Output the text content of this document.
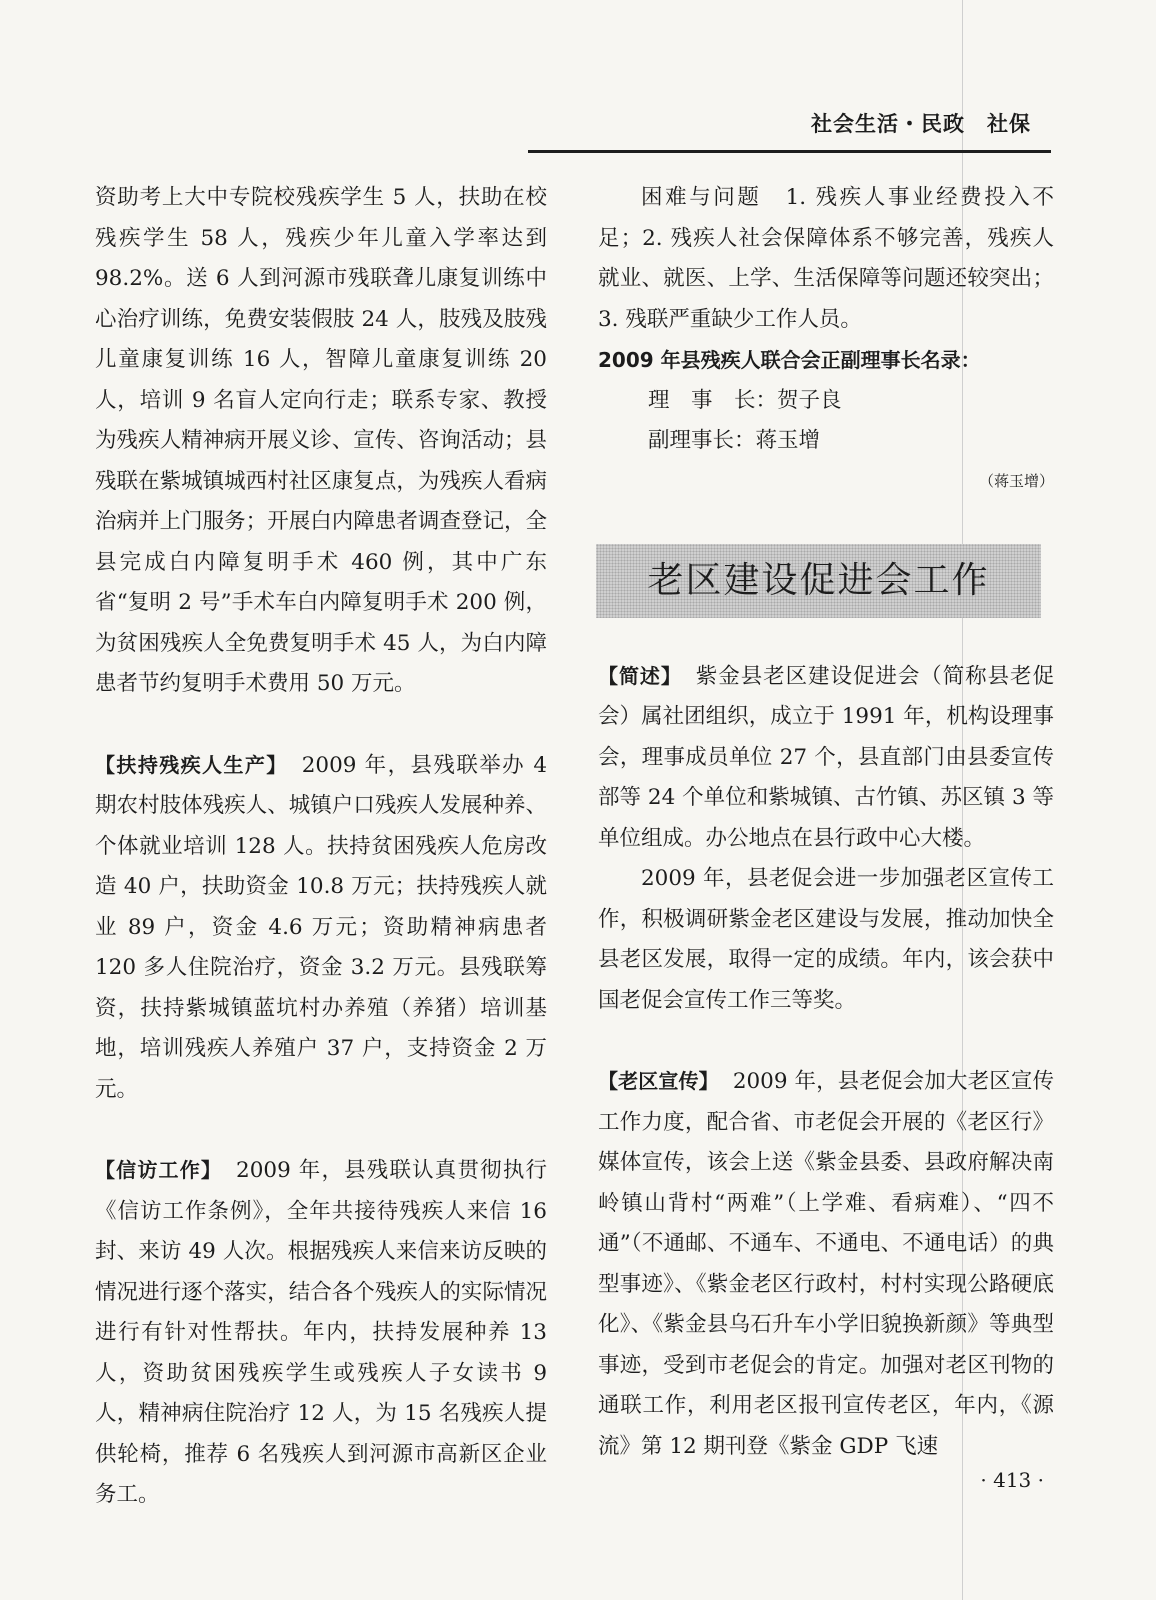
社会生活・民政　社保

资助考上大中专院校残疾学生 5 人，扶助在校残疾学生 58 人，残疾少年儿童入学率达到 98.2%。送 6 人到河源市残联聋儿康复训练中心治疗训练，免费安装假肢 24 人，肢残及肢残儿童康复训练 16 人，智障儿童康复训练 20 人，培训 9 名盲人定向行走；联系专家、教授为残疾人精神病开展义诊、宣传、咨询活动；县残联在紫城镇城西村社区康复点，为残疾人看病治病并上门服务；开展白内障患者调查登记，全县完成白内障复明手术 460 例，其中广东省“复明 2 号”手术车白内障复明手术 200 例，为贫困残疾人全免费复明手术 45 人，为白内障患者节约复明手术费用 50 万元。

【扶持残疾人生产】 2009 年，县残联举办 4 期农村肢体残疾人、城镇户口残疾人发展种养、个体就业培训 128 人。扶持贫困残疾人危房改造 40 户，扶助资金 10.8 万元；扶持残疾人就业 89 户，资金 4.6 万元；资助精神病患者 120 多人住院治疗，资金 3.2 万元。县残联筹资，扶持紫城镇蓝坑村办养殖（养猪）培训基地，培训残疾人养殖户 37 户，支持资金 2 万元。

【信访工作】 2009 年，县残联认真贯彻执行《信访工作条例》，全年共接待残疾人来信 16 封、来访 49 人次。根据残疾人来信来访反映的情况进行逐个落实，结合各个残疾人的实际情况进行有针对性帮扶。年内，扶持发展种养 13 人，资助贫困残疾学生或残疾人子女读书 9 人，精神病住院治疗 12 人，为 15 名残疾人提供轮椅，推荐 6 名残疾人到河源市高新区企业务工。

困难与问题　 1. 残疾人事业经费投入不足；2. 残疾人社会保障体系不够完善，残疾人就业、就医、上学、生活保障等问题还较突出；3. 残联严重缺少工作人员。

2009 年县残疾人联合会正副理事长名录：

理　事　长：贺子良

副理事长：蒋玉增

（蒋玉增）
老区建设促进会工作

【简述】 紫金县老区建设促进会（简称县老促会）属社团组织，成立于 1991 年，机构设理事会，理事成员单位 27 个，县直部门由县委宣传部等 24 个单位和紫城镇、古竹镇、苏区镇 3 等单位组成。办公地点在县行政中心大楼。

2009 年，县老促会进一步加强老区宣传工作，积极调研紫金老区建设与发展，推动加快全县老区发展，取得一定的成绩。年内，该会获中国老促会宣传工作三等奖。

【老区宣传】 2009 年，县老促会加大老区宣传工作力度，配合省、市老促会开展的《老区行》媒体宣传，该会上送《紫金县委、县政府解决南岭镇山背村“两难”（上学难、看病难）、“四不通”（不通邮、不通车、不通电、不通电话）的典型事迹》、《紫金老区行政村，村村实现公路硬底化》、《紫金县乌石升车小学旧貌换新颜》等典型事迹，受到市老促会的肯定。加强对老区刊物的通联工作，利用老区报刊宣传老区，年内，《源流》第 12 期刊登《紫金 GDP 飞速

· 413 ·
